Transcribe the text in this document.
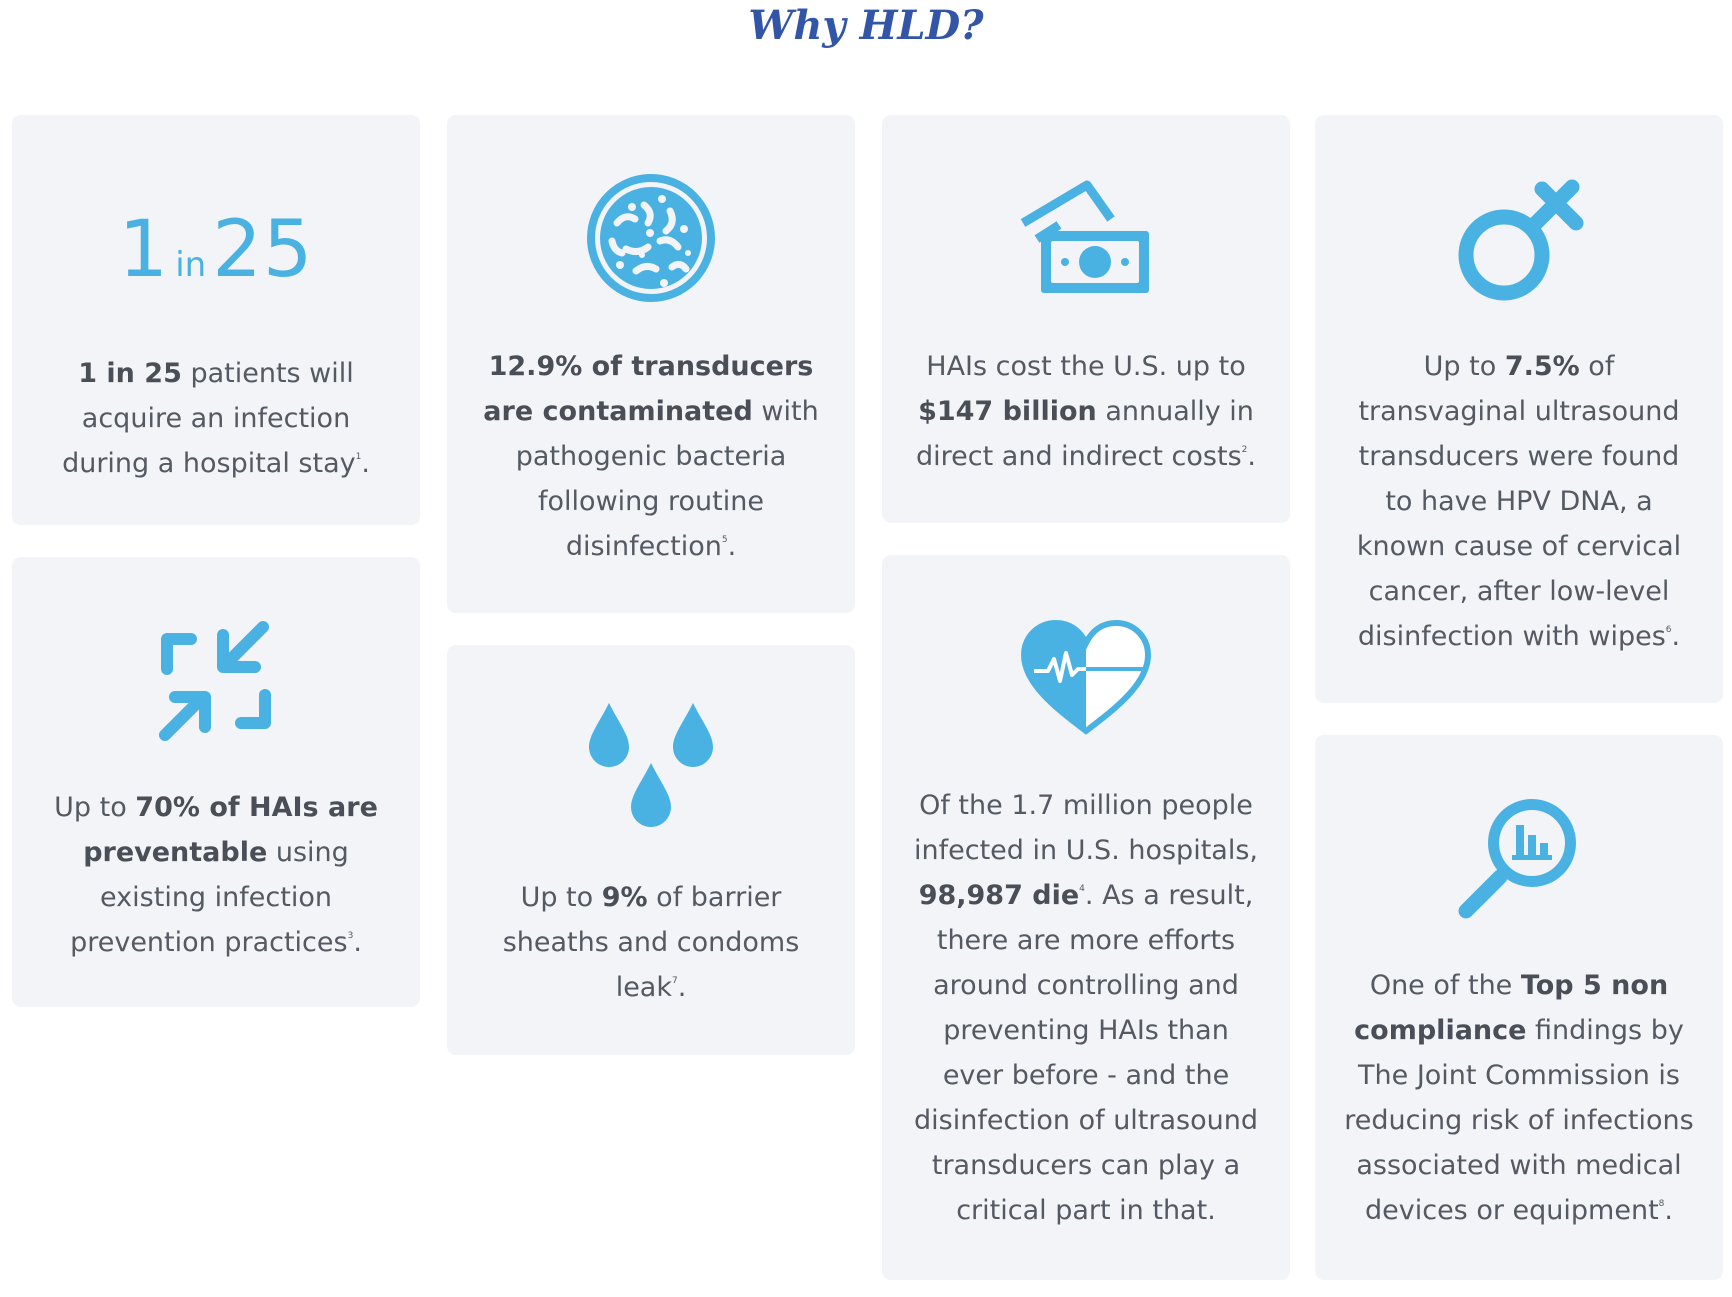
Why HLD?
1 in25

1 in 25 patients will acquire an infection during a hospital stay$^1$.

Up to 70% of HAIs are preventable using existing infection prevention practices$^3$.

12.9% of transducers are contaminated with pathogenic bacteria following routine disinfection$^5$.

Up to 9% of barrier sheaths and condoms leak$^7$.

HAIs cost the U.S. up to $147 billion annually in direct and indirect costs$^2$.

Of the 1.7 million people infected in U.S. hospitals, 98,987 die$^4$. As a result, there are more efforts around controlling and preventing HAIs than ever before - and the disinfection of ultrasound transducers can play a critical part in that.

Up to 7.5% of transvaginal ultrasound transducers were found to have HPV DNA, a known cause of cervical cancer, after low-level disinfection with wipes$^6$.

One of the Top 5 non compliance findings by The Joint Commission is reducing risk of infections associated with medical devices or equipment$^8$.
